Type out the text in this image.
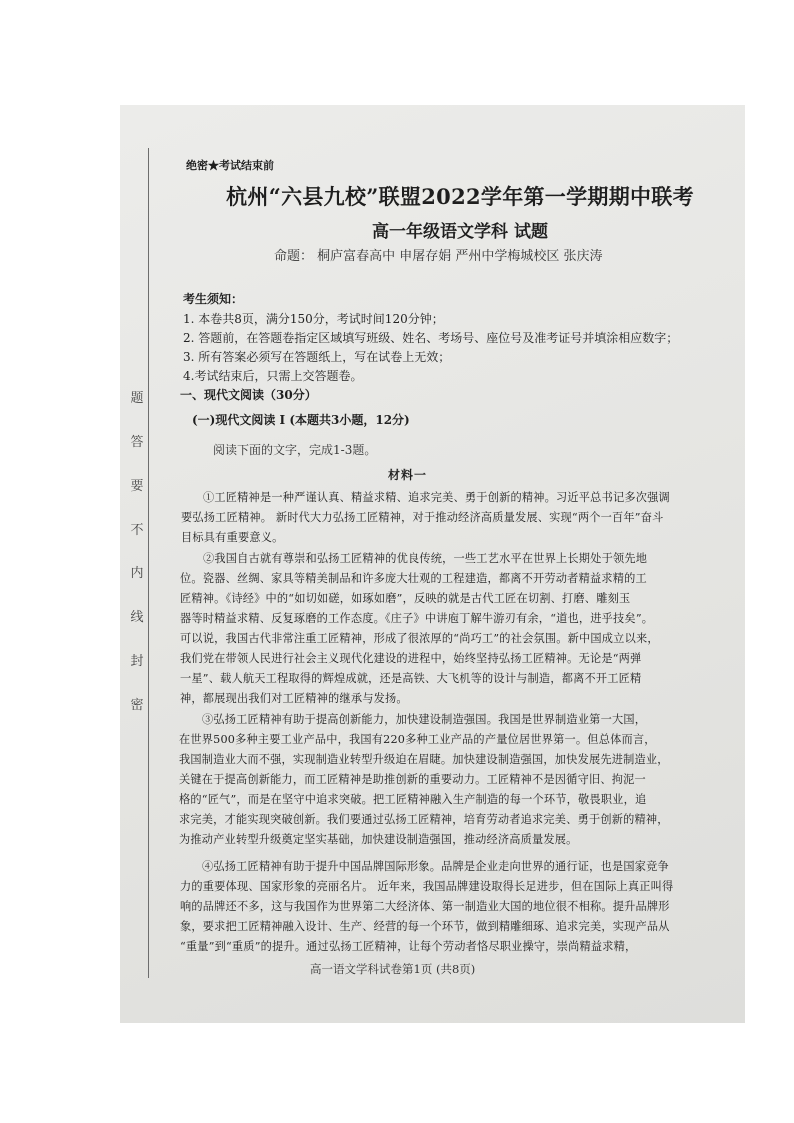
题
答
要
不
内
线
封
密
绝密★考试结束前
杭州“六县九校”联盟2022学年第一学期期中联考
高一年级语文学科 试题
命题： 桐庐富春高中 申屠存娟 严州中学梅城校区 张庆涛
考生须知：
1. 本卷共8页，满分150分，考试时间120分钟；
2. 答题前，在答题卷指定区域填写班级、姓名、考场号、座位号及准考证号并填涂相应数字；
3. 所有答案必须写在答题纸上，写在试卷上无效；
4.考试结束后，只需上交答题卷。
一、现代文阅读（30分）
(一)现代文阅读 I (本题共3小题，12分)
阅读下面的文字，完成1-3题。
材料一
①工匠精神是一种严谨认真、精益求精、追求完美、勇于创新的精神。习近平总书记多次强调
要弘扬工匠精神。 新时代大力弘扬工匠精神，对于推动经济高质量发展、实现“两个一百年”奋斗
目标具有重要意义。
②我国自古就有尊崇和弘扬工匠精神的优良传统，一些工艺水平在世界上长期处于领先地
位。瓷器、丝绸、家具等精美制品和许多庞大壮观的工程建造，都离不开劳动者精益求精的工
匠精神。《诗经》中的“如切如磋，如琢如磨”，反映的就是古代工匠在切割、打磨、雕刻玉
器等时精益求精、反复琢磨的工作态度。《庄子》中讲庖丁解牛游刃有余，“道也，进乎技矣”。
可以说，我国古代非常注重工匠精神，形成了很浓厚的“尚巧工”的社会氛围。新中国成立以来，
我们党在带领人民进行社会主义现代化建设的进程中，始终坚持弘扬工匠精神。无论是“两弹
一星”、载人航天工程取得的辉煌成就，还是高铁、大飞机等的设计与制造，都离不开工匠精
神，都展现出我们对工匠精神的继承与发扬。
③弘扬工匠精神有助于提高创新能力，加快建设制造强国。我国是世界制造业第一大国，
在世界500多种主要工业产品中，我国有220多种工业产品的产量位居世界第一。但总体而言，
我国制造业大而不强，实现制造业转型升级迫在眉睫。加快建设制造强国，加快发展先进制造业，
关键在于提高创新能力，而工匠精神是助推创新的重要动力。工匠精神不是因循守旧、拘泥一
格的“匠气”，而是在坚守中追求突破。把工匠精神融入生产制造的每一个环节，敬畏职业，追
求完美，才能实现突破创新。我们要通过弘扬工匠精神，培育劳动者追求完美、勇于创新的精神，
为推动产业转型升级奠定坚实基础，加快建设制造强国，推动经济高质量发展。
④弘扬工匠精神有助于提升中国品牌国际形象。品牌是企业走向世界的通行证，也是国家竞争
力的重要体现、国家形象的亮丽名片。 近年来，我国品牌建设取得长足进步，但在国际上真正叫得
响的品牌还不多，这与我国作为世界第二大经济体、第一制造业大国的地位很不相称。提升品牌形
象，要求把工匠精神融入设计、生产、经营的每一个环节，做到精雕细琢、追求完美，实现产品从
“重量”到“重质”的提升。通过弘扬工匠精神，让每个劳动者恪尽职业操守，崇尚精益求精，
高一语文学科试卷第1页 (共8页)
